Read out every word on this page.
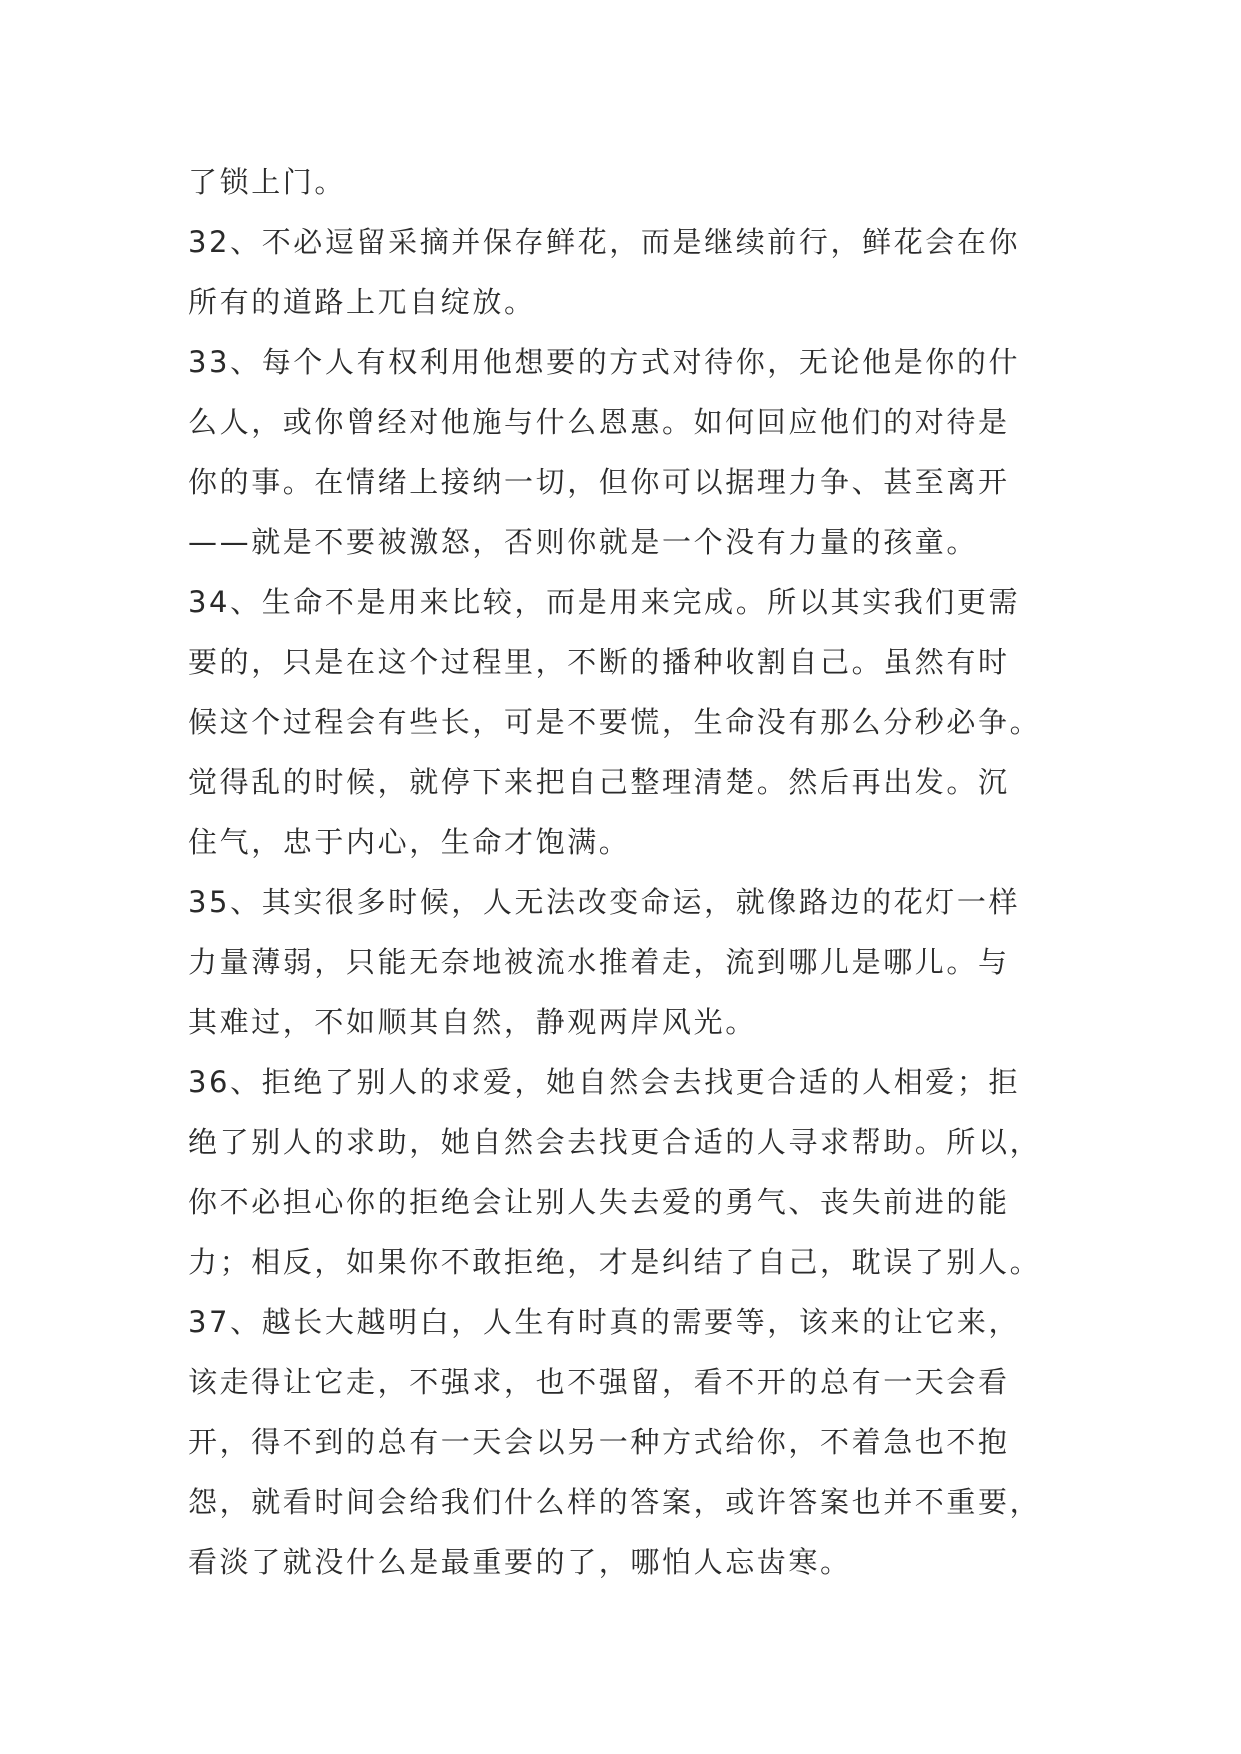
了锁上门。
32、不必逗留采摘并保存鲜花，而是继续前行，鲜花会在你
所有的道路上兀自绽放。
33、每个人有权利用他想要的方式对待你，无论他是你的什
么人，或你曾经对他施与什么恩惠。如何回应他们的对待是
你的事。在情绪上接纳一切，但你可以据理力争、甚至离开
——就是不要被激怒，否则你就是一个没有力量的孩童。
34、生命不是用来比较，而是用来完成。所以其实我们更需
要的，只是在这个过程里，不断的播种收割自己。虽然有时
候这个过程会有些长，可是不要慌，生命没有那么分秒必争。
觉得乱的时候，就停下来把自己整理清楚。然后再出发。沉
住气，忠于内心，生命才饱满。
35、其实很多时候，人无法改变命运，就像路边的花灯一样
力量薄弱，只能无奈地被流水推着走，流到哪儿是哪儿。与
其难过，不如顺其自然，静观两岸风光。
36、拒绝了别人的求爱，她自然会去找更合适的人相爱；拒
绝了别人的求助，她自然会去找更合适的人寻求帮助。所以，
你不必担心你的拒绝会让别人失去爱的勇气、丧失前进的能
力；相反，如果你不敢拒绝，才是纠结了自己，耽误了别人。
37、越长大越明白，人生有时真的需要等，该来的让它来，
该走得让它走，不强求，也不强留，看不开的总有一天会看
开，得不到的总有一天会以另一种方式给你，不着急也不抱
怨，就看时间会给我们什么样的答案，或许答案也并不重要，
看淡了就没什么是最重要的了，哪怕人忘齿寒。
